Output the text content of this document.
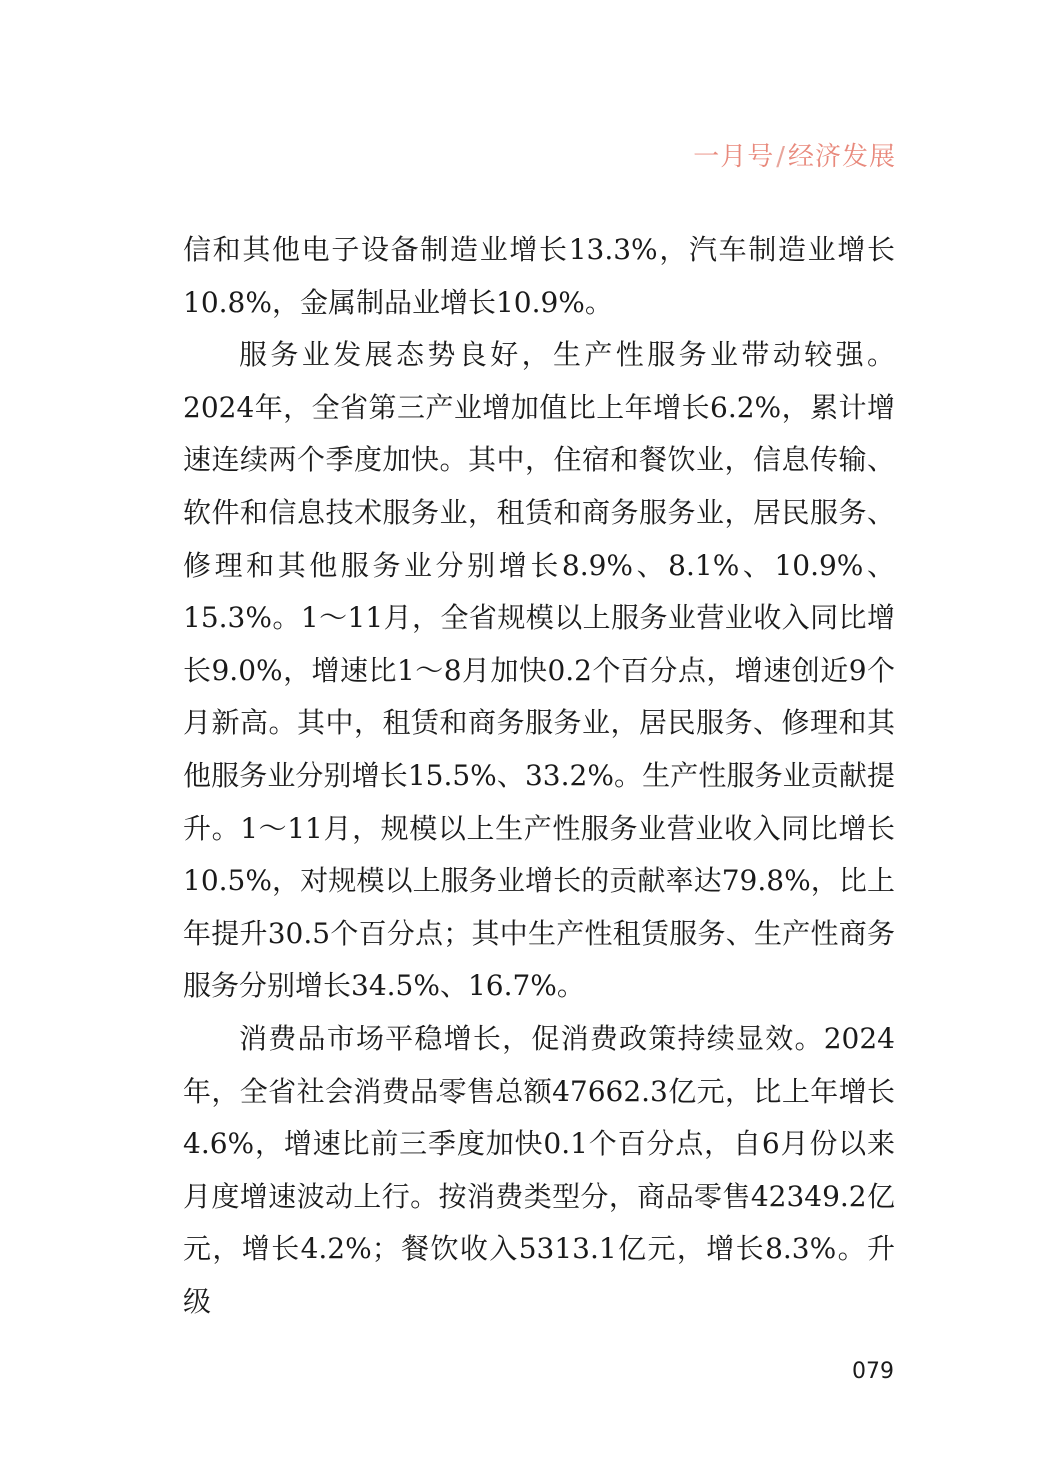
一月号/经济发展

信和其他电子设备制造业增长13.3%，汽车制造业增长10.8%，金属制品业增长10.9%。

服务业发展态势良好，生产性服务业带动较强。2024年，全省第三产业增加值比上年增长6.2%，累计增速连续两个季度加快。其中，住宿和餐饮业，信息传输、软件和信息技术服务业，租赁和商务服务业，居民服务、修理和其他服务业分别增长8.9%、8.1%、10.9%、15.3%。1～11月，全省规模以上服务业营业收入同比增长9.0%，增速比1～8月加快0.2个百分点，增速创近9个月新高。其中，租赁和商务服务业，居民服务、修理和其他服务业分别增长15.5%、33.2%。生产性服务业贡献提升。1～11月，规模以上生产性服务业营业收入同比增长10.5%，对规模以上服务业增长的贡献率达79.8%，比上年提升30.5个百分点；其中生产性租赁服务、生产性商务服务分别增长34.5%、16.7%。

消费品市场平稳增长，促消费政策持续显效。2024年，全省社会消费品零售总额47662.3亿元，比上年增长4.6%，增速比前三季度加快0.1个百分点，自6月份以来月度增速波动上行。按消费类型分，商品零售42349.2亿元，增长4.2%；餐饮收入5313.1亿元，增长8.3%。升级

079
